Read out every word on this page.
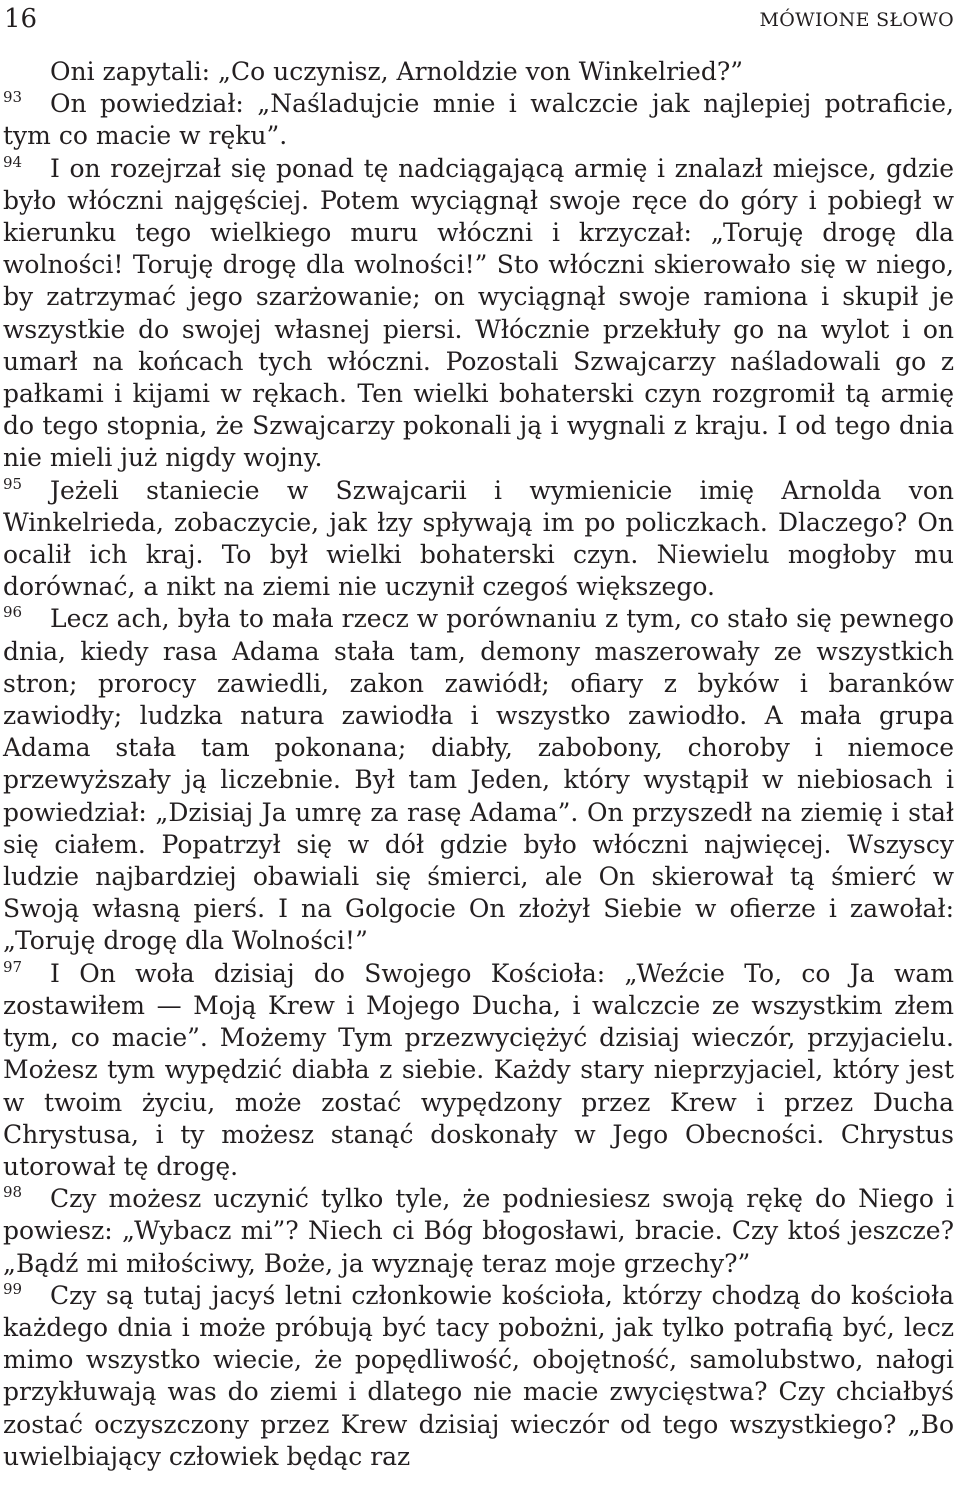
16	MÓWIONE SŁOWO

Oni zapytali: „Co uczynisz, Arnoldzie von Winkelried?”

93 On powiedział: „Naśladujcie mnie i walczcie jak najlepiej potraficie, tym co macie w ręku”.

94 I on rozejrzał się ponad tę nadciągającą armię i znalazł miejsce, gdzie było włóczni najgęściej. Potem wyciągnął swoje ręce do góry i pobiegł w kierunku tego wielkiego muru włóczni i krzyczał: „Toruję drogę dla wolności! Toruję drogę dla wolności!” Sto włóczni skierowało się w niego, by zatrzymać jego szarżowanie; on wyciągnął swoje ramiona i skupił je wszystkie do swojej własnej piersi. Włócznie przekłuły go na wylot i on umarł na końcach tych włóczni. Pozostali Szwajcarzy naśladowali go z pałkami i kijami w rękach. Ten wielki bohaterski czyn rozgromił tą armię do tego stopnia, że Szwajcarzy pokonali ją i wygnali z kraju. I od tego dnia nie mieli już nigdy wojny.

95 Jeżeli staniecie w Szwajcarii i wymienicie imię Arnolda von Winkelrieda, zobaczycie, jak łzy spływają im po policzkach. Dlaczego? On ocalił ich kraj. To był wielki bohaterski czyn. Niewielu mogłoby mu dorównać, a nikt na ziemi nie uczynił czegoś większego.

96 Lecz ach, była to mała rzecz w porównaniu z tym, co stało się pewnego dnia, kiedy rasa Adama stała tam, demony maszerowały ze wszystkich stron; prorocy zawiedli, zakon zawiódł; ofiary z byków i baranków zawiodły; ludzka natura zawiodła i wszystko zawiodło. A mała grupa Adama stała tam pokonana; diabły, zabobony, choroby i niemoce przewyższały ją liczebnie. Był tam Jeden, który wystąpił w niebiosach i powiedział: „Dzisiaj Ja umrę za rasę Adama”. On przyszedł na ziemię i stał się ciałem. Popatrzył się w dół gdzie było włóczni najwięcej. Wszyscy ludzie najbardziej obawiali się śmierci, ale On skierował tą śmierć w Swoją własną pierś. I na Golgocie On złożył Siebie w ofierze i zawołał: „Toruję drogę dla Wolności!”

97 I On woła dzisiaj do Swojego Kościoła: „Weźcie To, co Ja wam zostawiłem — Moją Krew i Mojego Ducha, i walczcie ze wszystkim złem tym, co macie”. Możemy Tym przezwyciężyć dzisiaj wieczór, przyjacielu. Możesz tym wypędzić diabła z siebie. Każdy stary nieprzyjaciel, który jest w twoim życiu, może zostać wypędzony przez Krew i przez Ducha Chrystusa, i ty możesz stanąć doskonały w Jego Obecności. Chrystus utorował tę drogę.

98 Czy możesz uczynić tylko tyle, że podniesiesz swoją rękę do Niego i powiesz: „Wybacz mi”? Niech ci Bóg błogosławi, bracie. Czy ktoś jeszcze? „Bądź mi miłościwy, Boże, ja wyznaję teraz moje grzechy?”

99 Czy są tutaj jacyś letni członkowie kościoła, którzy chodzą do kościoła każdego dnia i może próbują być tacy pobożni, jak tylko potrafią być, lecz mimo wszystko wiecie, że popędliwość, obojętność, samolubstwo, nałogi przykłuwają was do ziemi i dlatego nie macie zwycięstwa? Czy chciałbyś zostać oczyszczony przez Krew dzisiaj wieczór od tego wszystkiego? „Bo uwielbiający człowiek będąc raz
